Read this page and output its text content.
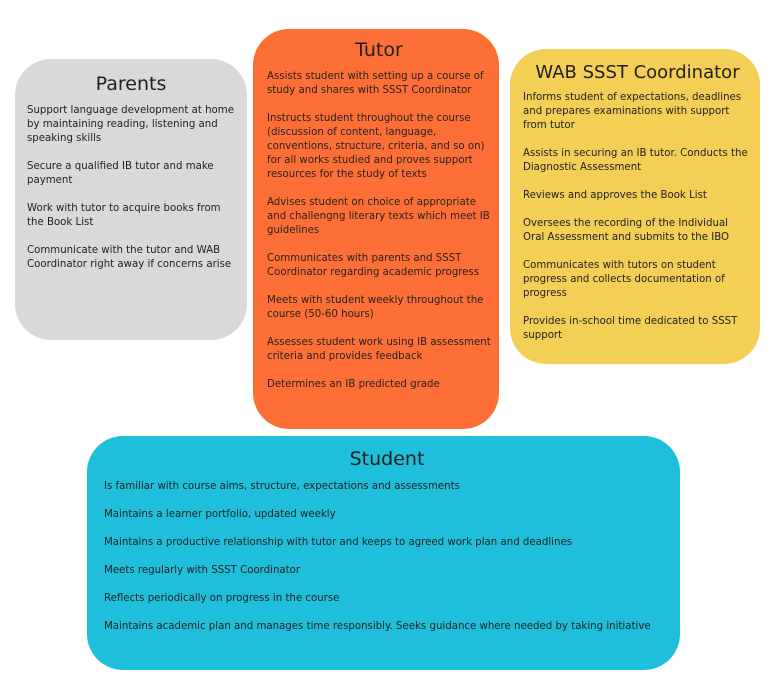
Parents
Support language development at home by maintaining reading, listening and speaking skills
Secure a qualified IB tutor and make payment
Work with tutor to acquire books from the Book List
Communicate with the tutor and WAB Coordinator right away if concerns arise
Tutor
Assists student with setting up a course of study and shares with SSST Coordinator
Instructs student throughout the course (discussion of content, language, conventions, structure, criteria, and so on) for all works studied and proves support resources for the study of texts
Advises student on choice of appropriate and challengng literary texts which meet IB guidelines
Communicates with parents and SSST Coordinator regarding academic progress
Meets with student weekly throughout the course (50-60 hours)
Assesses student work using IB assessment criteria and provides feedback
Determines an IB predicted grade
WAB SSST Coordinator
Informs student of expectations, deadlines and prepares examinations with support from tutor
Assists in securing an IB tutor. Conducts the Diagnostic Assessment
Reviews and approves the Book List
Oversees the recording of the Individual Oral Assessment and submits to the IBO
Communicates with tutors on student progress and collects documentation of progress
Provides in-school time dedicated to SSST support
Student
Is familiar with course aims, structure, expectations and assessments
Maintains a learner portfolio, updated weekly
Maintains a productive relationship with tutor and keeps to agreed work plan and deadlines
Meets regularly with SSST Coordinator
Reflects periodically on progress in the course
Maintains academic plan and manages time responsibly. Seeks guidance where needed by taking initiative
